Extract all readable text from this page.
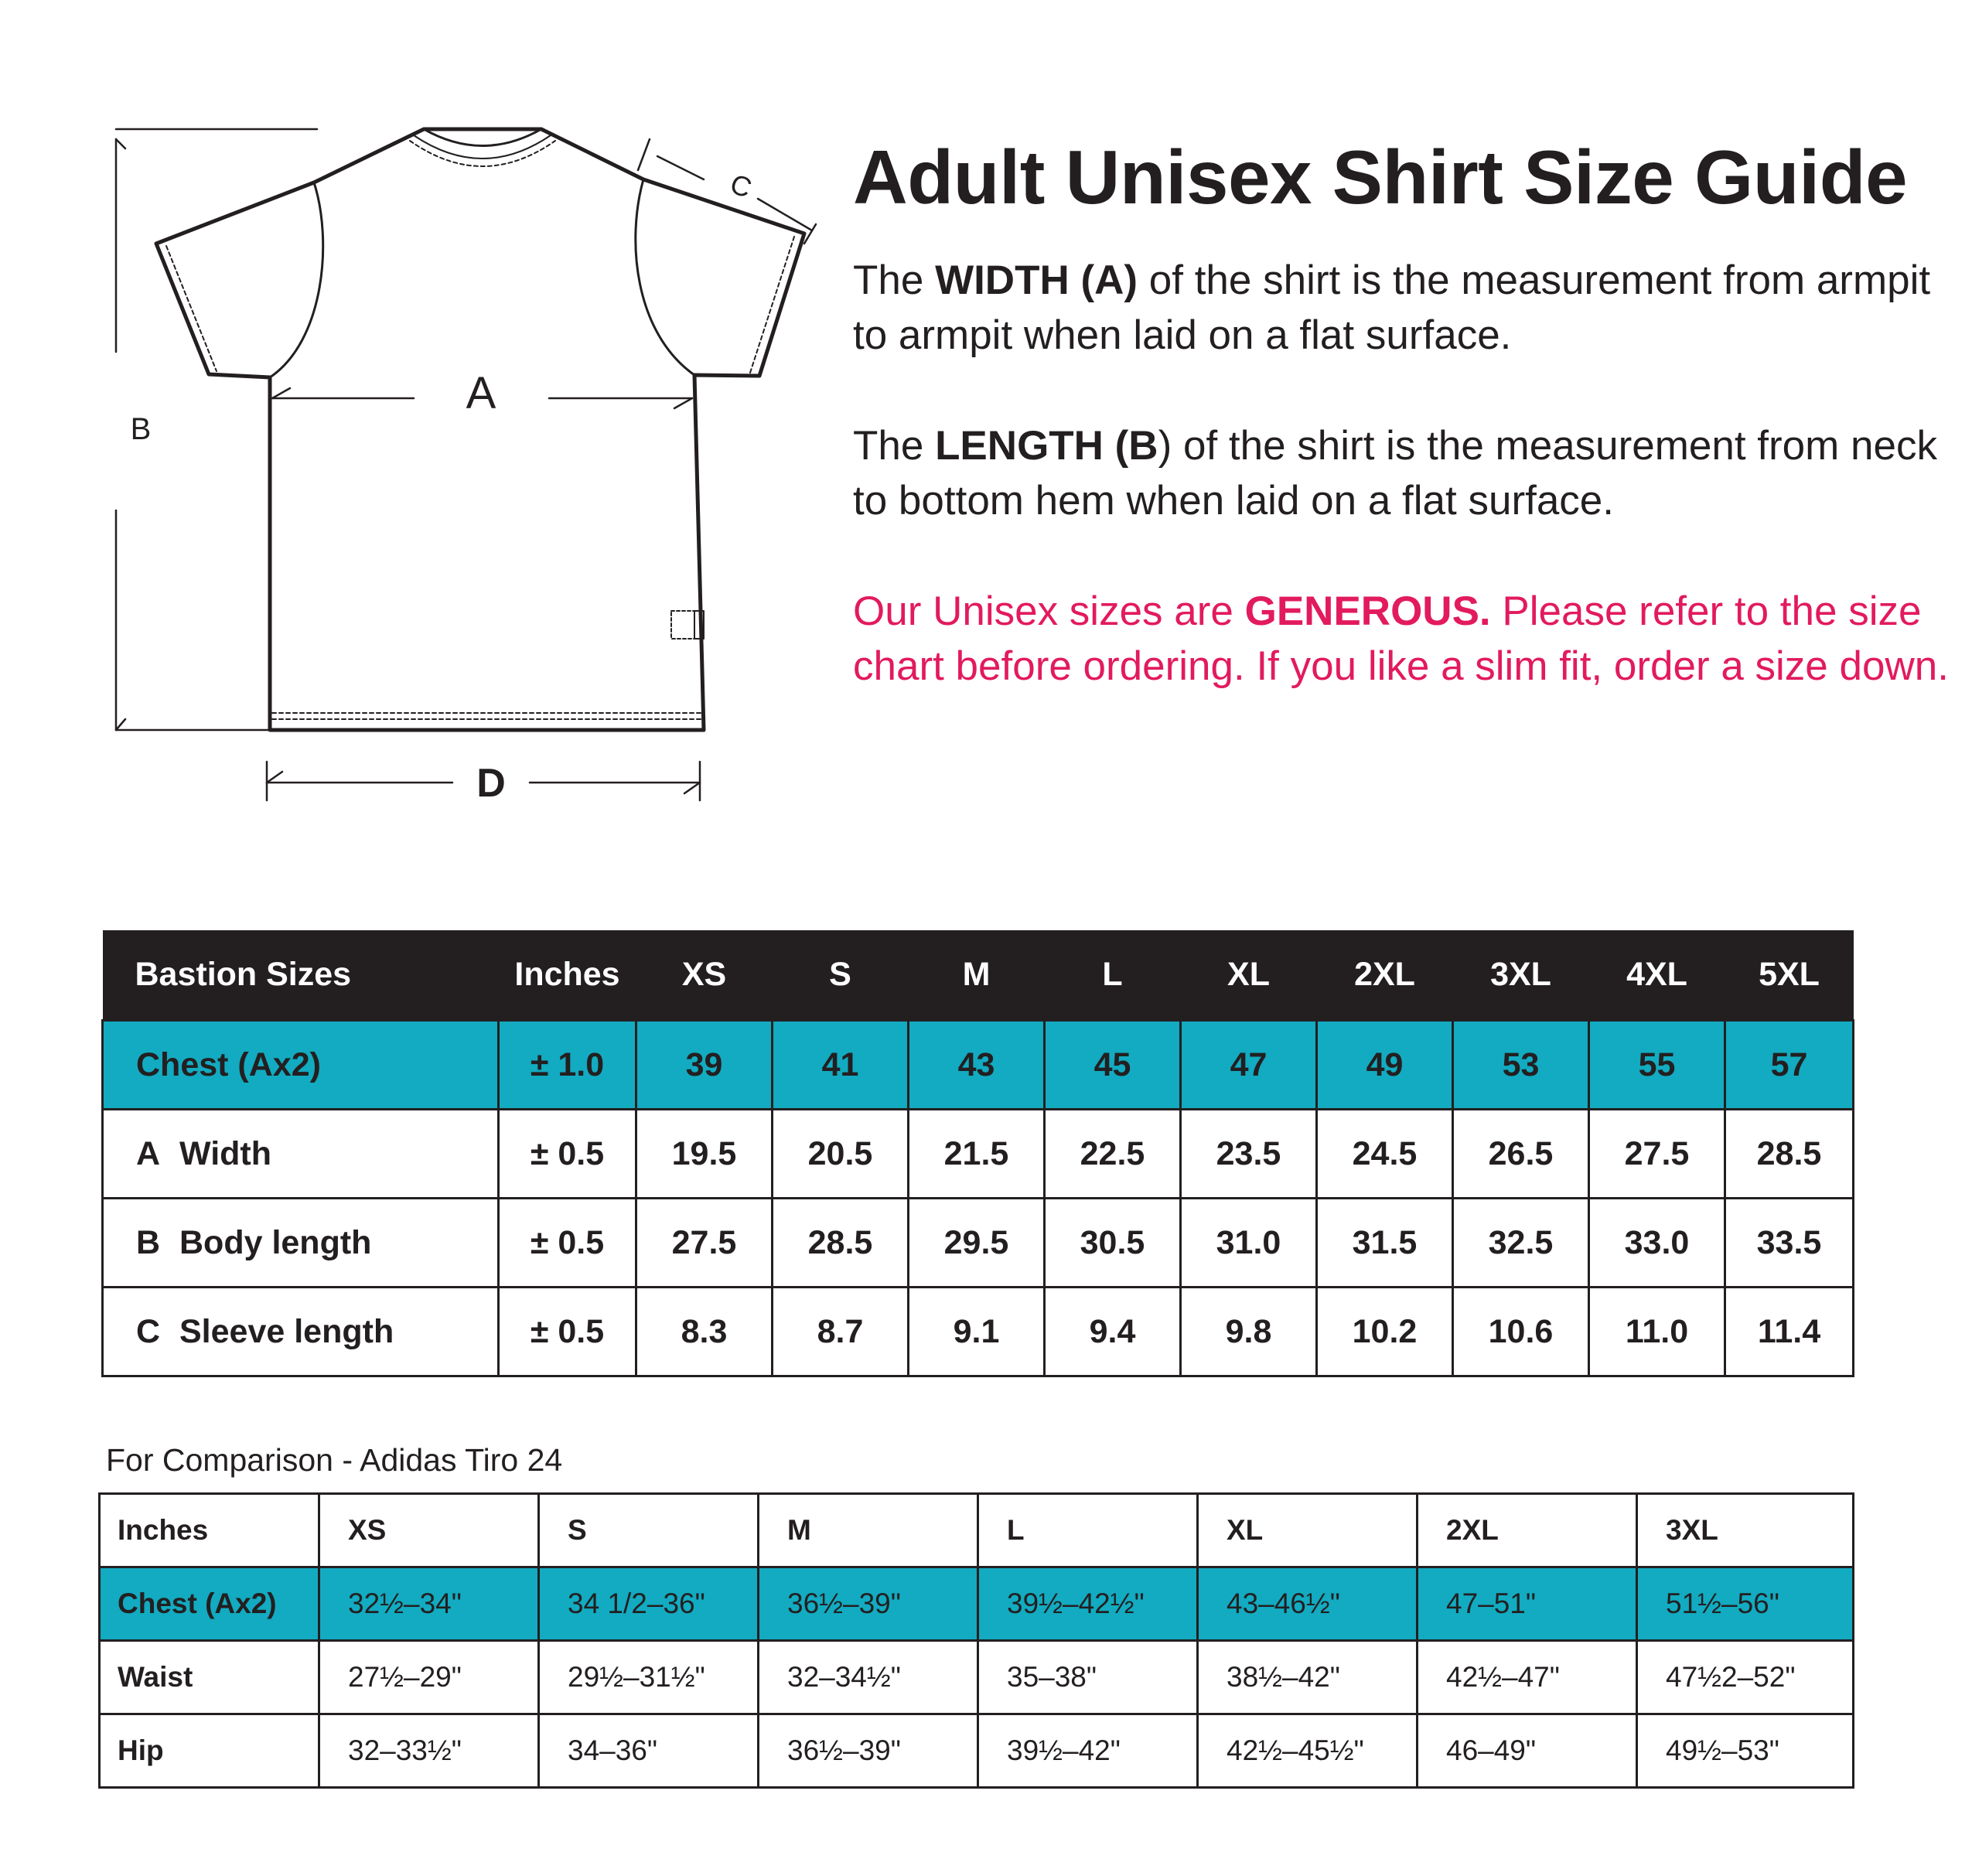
A
B
C
D
Adult Unisex Shirt Size Guide

The WIDTH (A) of the shirt is the measurement from armpit to armpit when laid on a flat surface.

The LENGTH (B) of the shirt is the measurement from neck to bottom hem when laid on a flat surface.

Our Unisex sizes are GENEROUS. Please refer to the size chart before ordering. If you like a slim fit, order a size down.

Bastion Sizes	Inches	XS	S	M	L	XL	2XL	3XL	4XL	5XL
Chest (Ax2)	± 1.0	39	41	43	45	47	49	53	55	57
A Width	± 0.5	19.5	20.5	21.5	22.5	23.5	24.5	26.5	27.5	28.5
B Body length	± 0.5	27.5	28.5	29.5	30.5	31.0	31.5	32.5	33.0	33.5
C Sleeve length	± 0.5	8.3	8.7	9.1	9.4	9.8	10.2	10.6	11.0	11.4

For Comparison - Adidas Tiro 24

Inches	XS	S	M	L	XL	2XL	3XL
Chest (Ax2)	32½–34"	34 1/2–36"	36½–39"	39½–42½"	43–46½"	47–51"	51½–56"
Waist	27½–29"	29½–31½"	32–34½"	35–38"	38½–42"	42½–47"	47½2–52"
Hip	32–33½"	34–36"	36½–39"	39½–42"	42½–45½"	46–49"	49½–53"
